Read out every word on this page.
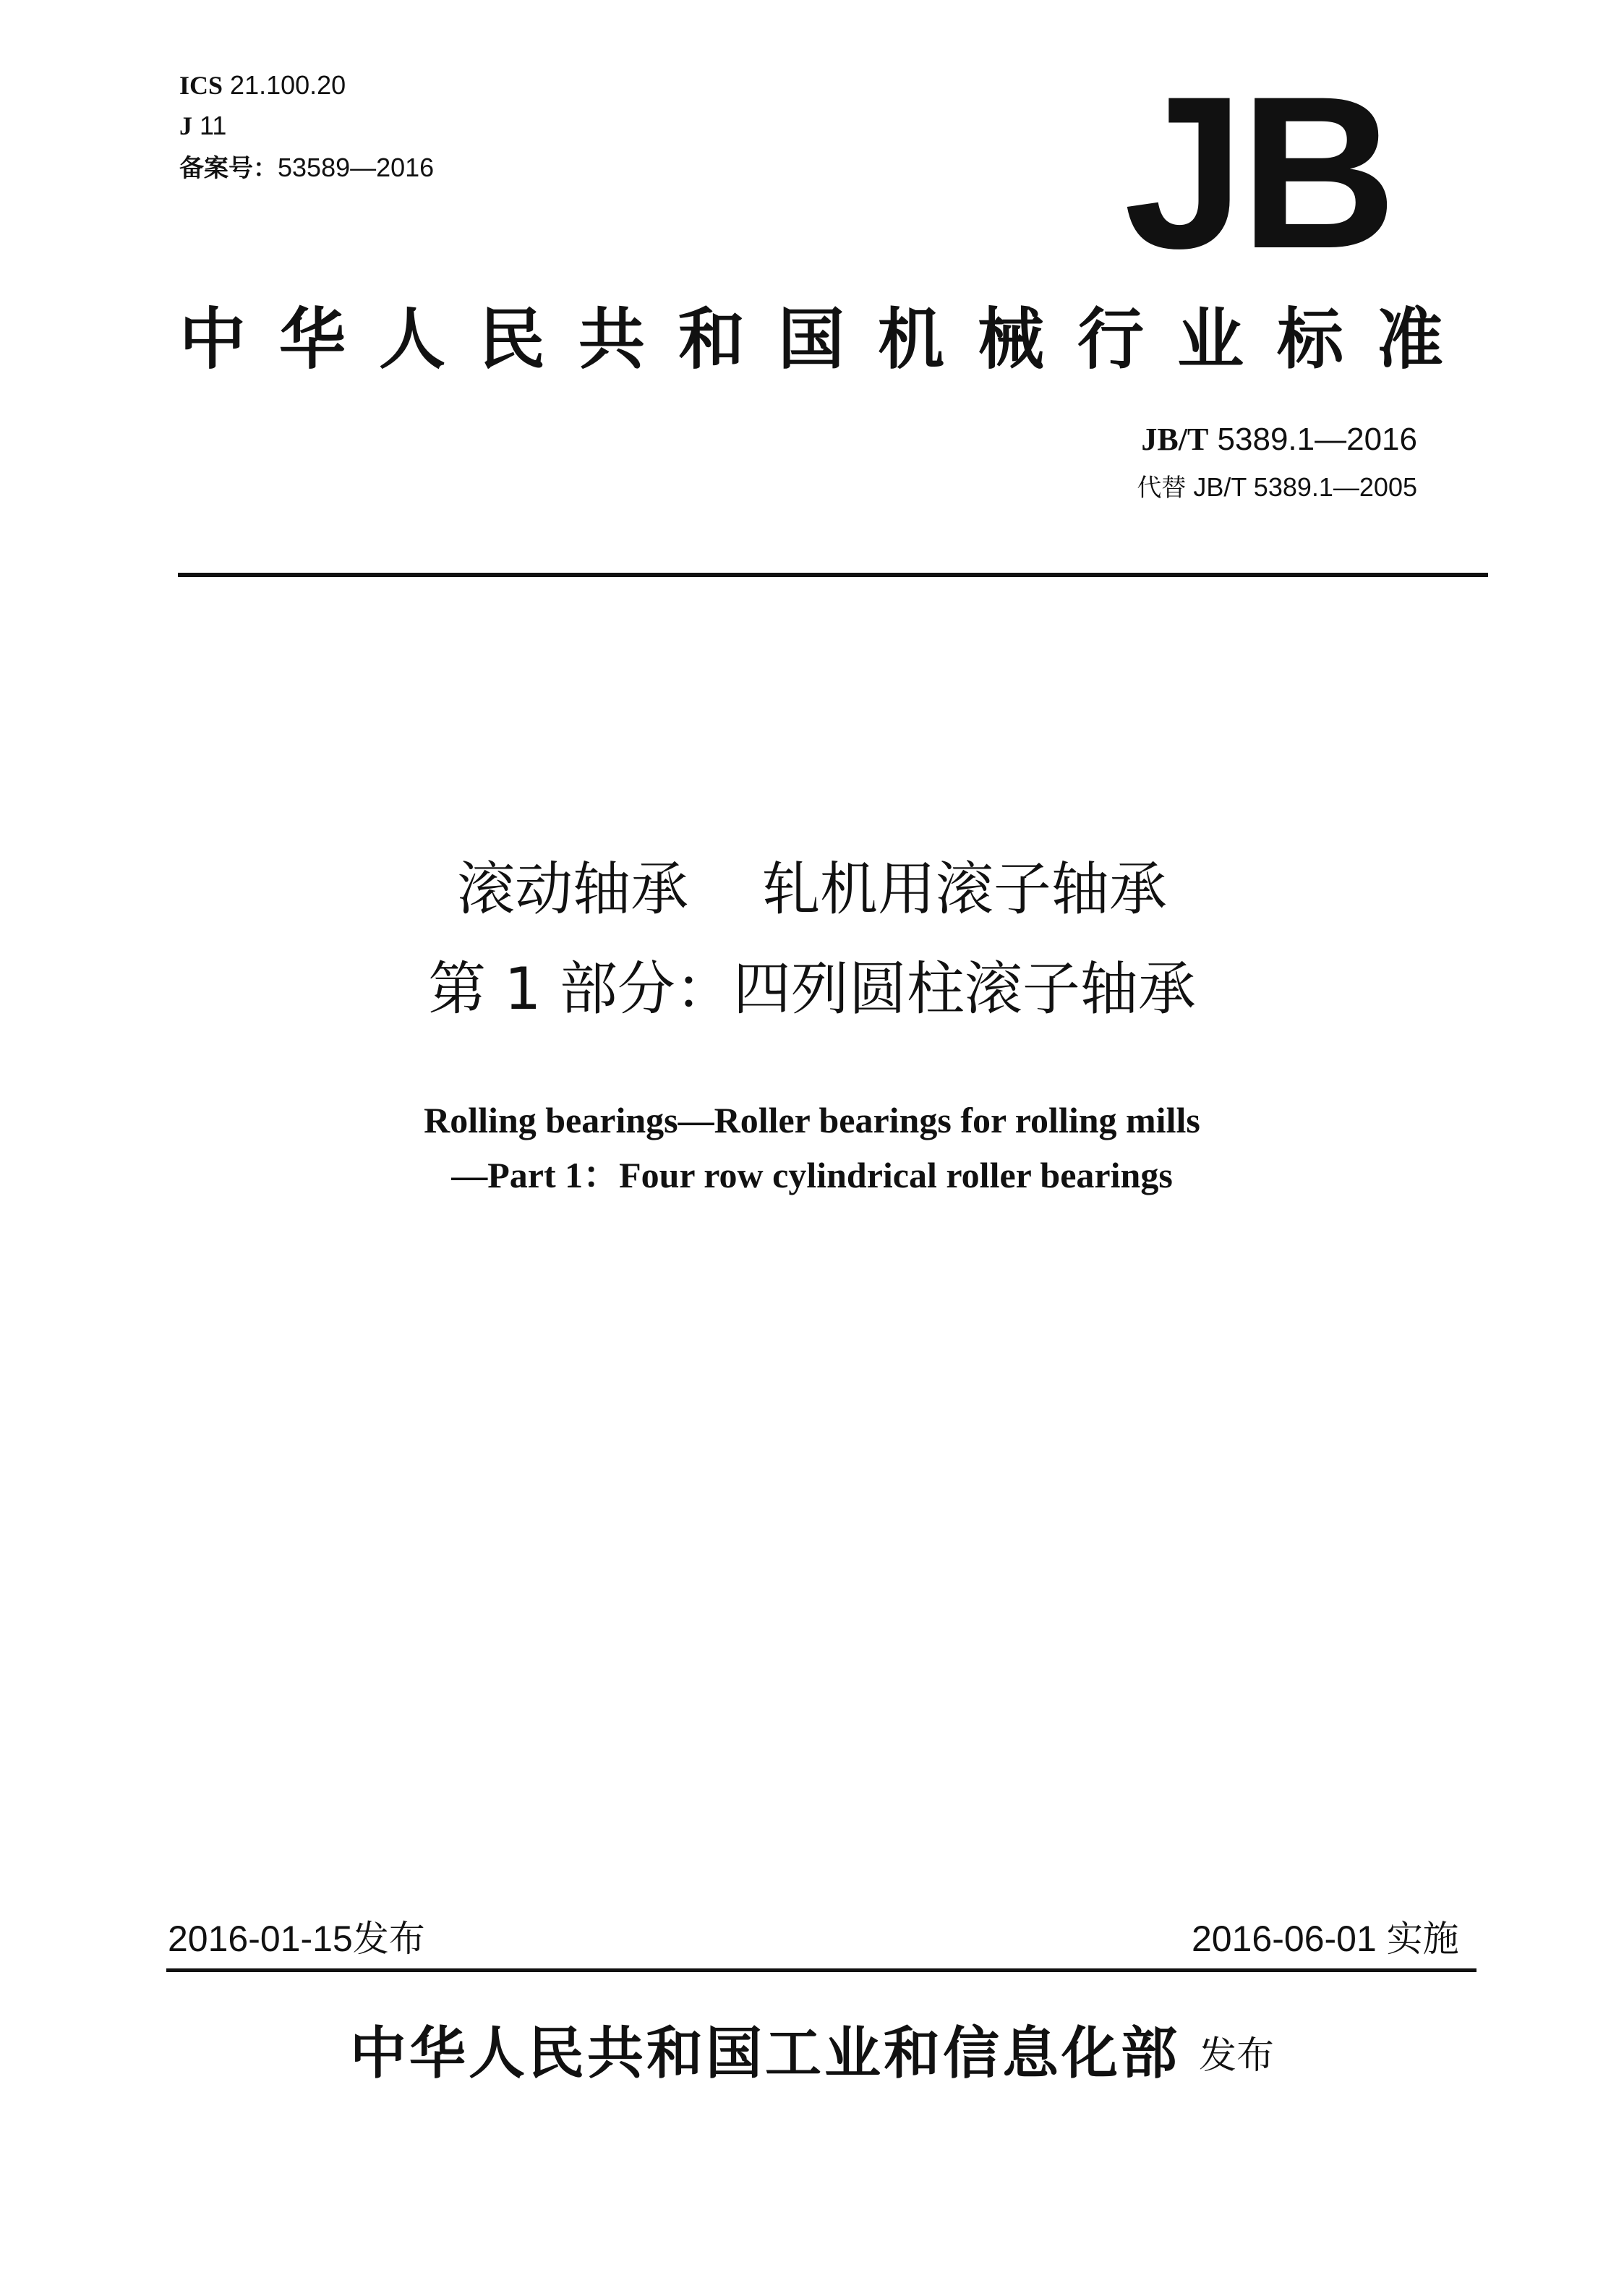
ICS 21.100.20
J 11
备案号：53589—2016	JB
中华人民共和国机械行业标准
JB/T 5389.1—2016
代替 JB/T 5389.1—2005
滚动轴承    轧机用滚子轴承
第 1 部分：四列圆柱滚子轴承
Rolling bearings—Roller bearings for rolling mills
—Part 1：Four row cylindrical roller bearings
2016-01-15发布	2016-06-01 实施
中华人民共和国工业和信息化部 发布
